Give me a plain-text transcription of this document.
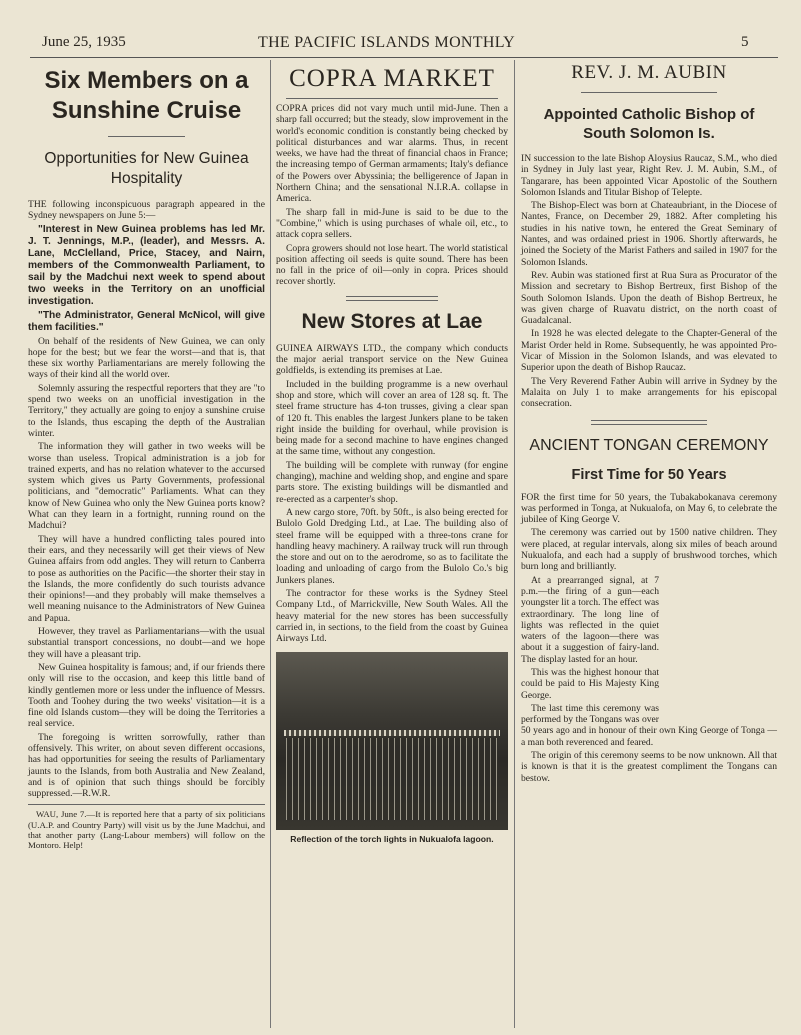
June 25, 1935	THE PACIFIC ISLANDS MONTHLY	5
Six Members on a Sunshine Cruise
Opportunities for New Guinea Hospitality

THE following inconspicuous paragraph appeared in the Sydney newspapers on June 5:—

"Interest in New Guinea problems has led Mr. J. T. Jennings, M.P., (leader), and Messrs. A. Lane, McClelland, Price, Stacey, and Nairn, members of the Commonwealth Parliament, to sail by the Madchui next week to spend about two weeks in the Territory on an unofficial investigation.

"The Administrator, General McNicol, will give them facilities."

On behalf of the residents of New Guinea, we can only hope for the best; but we fear the worst—and that is, that these six worthy Parliamentarians are merely following the ways of their kind all the world over.

Solemnly assuring the respectful reporters that they are "to spend two weeks on an unofficial investigation in the Territory," they actually are going to enjoy a sunshine cruise to the Islands, thus escaping the depth of the Australian winter.

The information they will gather in two weeks will be worse than useless. Tropical administration is a job for trained experts, and has no relation whatever to the accursed system which gives us Party Governments, professional politicians, and "democratic" Parliaments. What can they know of New Guinea who only the New Guinea ports know? What can they learn in a fortnight, running round on the Madchui?

They will have a hundred conflicting tales poured into their ears, and they necessarily will get their views of New Guinea affairs from odd angles. They will return to Canberra to pose as authorities on the Pacific—the shorter their stay in the Islands, the more confidently do such tourists advance their opinions!—and they probably will make themselves a well meaning nuisance to the Administrators of New Guinea and Papua.

However, they travel as Parliamentarians—with the usual substantial transport concessions, no doubt—and we hope they will have a pleasant trip.

New Guinea hospitality is famous; and, if our friends there only will rise to the occasion, and keep this little band of kindly gentlemen more or less under the influence of Messrs. Tooth and Toohey during the two weeks' visitation—it is a fine old Islands custom—they will be doing the Territories a real service.

The foregoing is written sorrowfully, rather than offensively. This writer, on about seven different occasions, has had opportunities for seeing the results of Parliamentary jaunts to the Islands, from both Australia and New Zealand, and is of opinion that such things should be forcibly suppressed.—R.W.R.

WAU, June 7.—It is reported here that a party of six politicians (U.A.P. and Country Party) will visit us by the June Madchui, and that another party (Lang-Labour members) will follow on the Montoro. Help!

COPRA MARKET

COPRA prices did not vary much until mid-June. Then a sharp fall occurred; but the steady, slow improvement in the world's economic condition is constantly being checked by political disturbances and war alarms. Thus, in recent weeks, we have had the threat of financial chaos in France; the increasing tempo of German armaments; Italy's defiance of the Powers over Abyssinia; the belligerence of Japan in Northern China; and the sensational N.I.R.A. collapse in America.

The sharp fall in mid-June is said to be due to the "Combine," which is using purchases of whale oil, etc., to attack copra sellers.

Copra growers should not lose heart. The world statistical position affecting oil seeds is quite sound. There has been no fall in the price of oil—only in copra. Prices should recover shortly.

New Stores at Lae

GUINEA AIRWAYS LTD., the company which conducts the major aerial transport service on the New Guinea goldfields, is extending its premises at Lae.

Included in the building programme is a new overhaul shop and store, which will cover an area of 128 sq. ft. The steel frame structure has 4-ton trusses, giving a clear span of 120 ft. This enables the largest Junkers plane to be taken right inside the building for overhaul, while provision is being made for a second machine to have engines changed at the same time, without any congestion.

The building will be complete with runway (for engine changing), machine and welding shop, and engine and spare parts store. The existing buildings will be dismantled and re-erected as a carpenter's shop.

A new cargo store, 70ft. by 50ft., is also being erected for Bulolo Gold Dredging Ltd., at Lae. The building also of steel frame will be equipped with a three-tons crane for handling heavy machinery. A railway truck will run through the store and out on to the aerodrome, so as to facilitate the loading and unloading of cargo from the Bulolo Co.'s big Junkers planes.

The contractor for these works is the Sydney Steel Company Ltd., of Marrickville, New South Wales. All the heavy material for the new stores has been successfully carried in, in sections, to the field from the coast by Guinea Airways Ltd.

Reflection of the torch lights in Nukualofa lagoon.
REV. J. M. AUBIN
Appointed Catholic Bishop of South Solomon Is.

IN succession to the late Bishop Aloysius Raucaz, S.M., who died in Sydney in July last year, Right Rev. J. M. Aubin, S.M., of Tangarare, has been appointed Vicar Apostolic of the Southern Solomon Islands and Titular Bishop of Telepte.

The Bishop-Elect was born at Chateaubriant, in the Diocese of Nantes, France, on December 29, 1882. After completing his studies in his native town, he entered the Great Seminary of Nantes, and was ordained priest in 1906. Shortly afterwards, he joined the Society of the Marist Fathers and sailed in 1907 for the Solomon Islands.

Rev. Aubin was stationed first at Rua Sura as Procurator of the Mission and secretary to Bishop Bertreux, first Bishop of the South Solomon Islands. Upon the death of Bishop Bertreux, he was given charge of Ruavatu district, on the north coast of Guadalcanal.

In 1928 he was elected delegate to the Chapter-General of the Marist Order held in Rome. Subsequently, he was appointed Pro-Vicar of Mission in the Solomon Islands, and was elevated to Superior upon the death of Bishop Raucaz.

The Very Reverend Father Aubin will arrive in Sydney by the Malaita on July 1 to make arrangements for his episcopal consecration.

ANCIENT TONGAN CEREMONY
First Time for 50 Years

FOR the first time for 50 years, the Tubakabokanava ceremony was performed in Tonga, at Nukualofa, on May 6, to celebrate the jubilee of King George V.

The ceremony was carried out by 1500 native children. They were placed, at regular intervals, along six miles of beach around Nukualofa, and each had a supply of brushwood torches, which burn long and brilliantly.

At a prearranged signal, at 7 p.m.—the firing of a gun—each youngster lit a torch. The effect was extraordinary. The long line of lights was reflected in the quiet waters of the lagoon—there was about it a suggestion of fairy-land. The display lasted for an hour.

This was the highest honour that could be paid to His Majesty King George.

The last time this ceremony was performed by the Tongans was over 50 years ago and in honour of their own King George of Tonga — a man both reverenced and feared.

The origin of this ceremony seems to be now unknown. All that is known is that it is the greatest compliment the Tongans can bestow.
